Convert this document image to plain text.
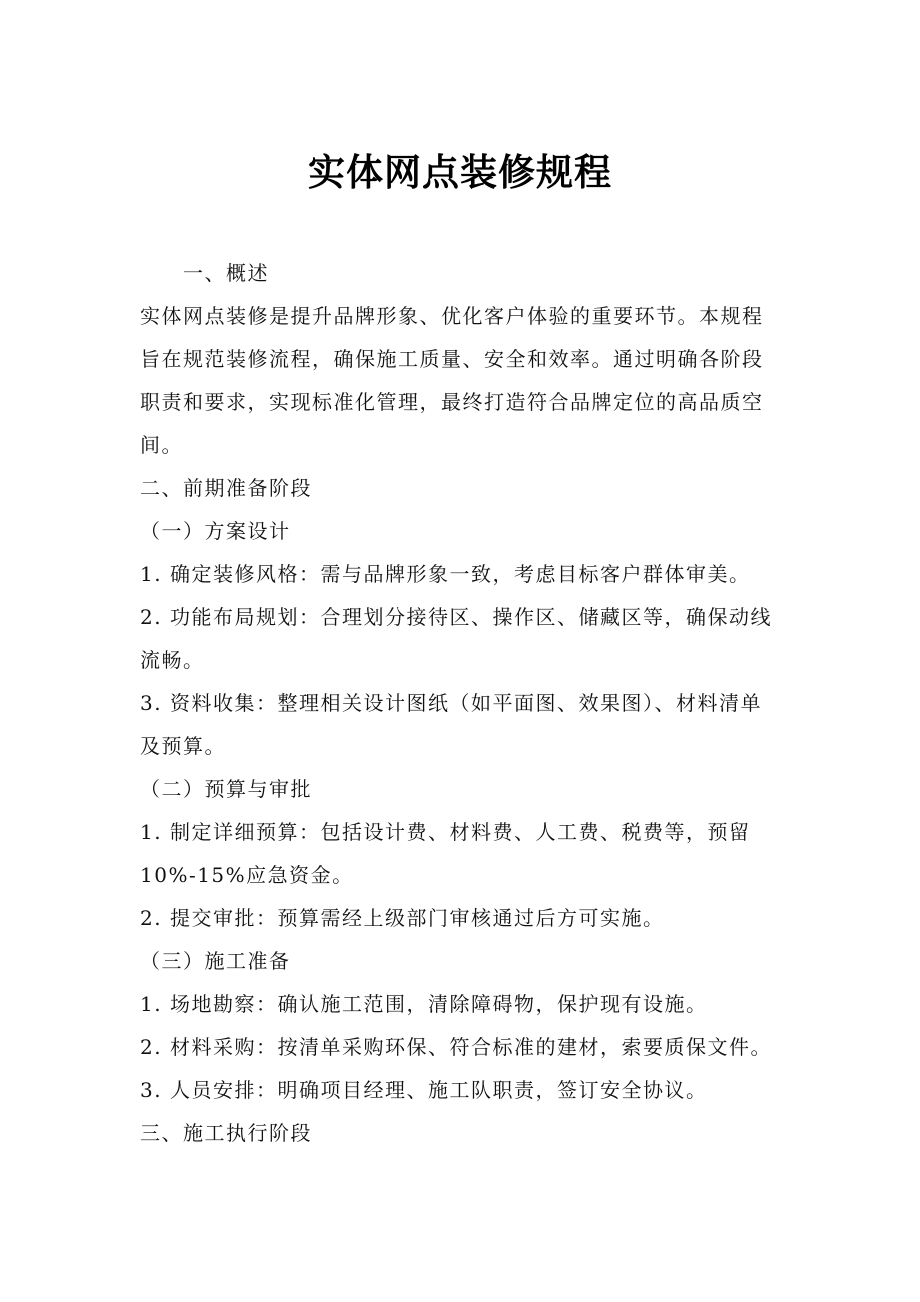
实体网点装修规程
一、概述
实体网点装修是提升品牌形象、优化客户体验的重要环节。本规程
旨在规范装修流程，确保施工质量、安全和效率。通过明确各阶段
职责和要求，实现标准化管理，最终打造符合品牌定位的高品质空
间。
二、前期准备阶段
（一）方案设计
1. 确定装修风格：需与品牌形象一致，考虑目标客户群体审美。
2. 功能布局规划：合理划分接待区、操作区、储藏区等，确保动线
流畅。
3. 资料收集：整理相关设计图纸（如平面图、效果图）、材料清单
及预算。
（二）预算与审批
1. 制定详细预算：包括设计费、材料费、人工费、税费等，预留
10%-15%应急资金。
2. 提交审批：预算需经上级部门审核通过后方可实施。
（三）施工准备
1. 场地勘察：确认施工范围，清除障碍物，保护现有设施。
2. 材料采购：按清单采购环保、符合标准的建材，索要质保文件。
3. 人员安排：明确项目经理、施工队职责，签订安全协议。
三、施工执行阶段
